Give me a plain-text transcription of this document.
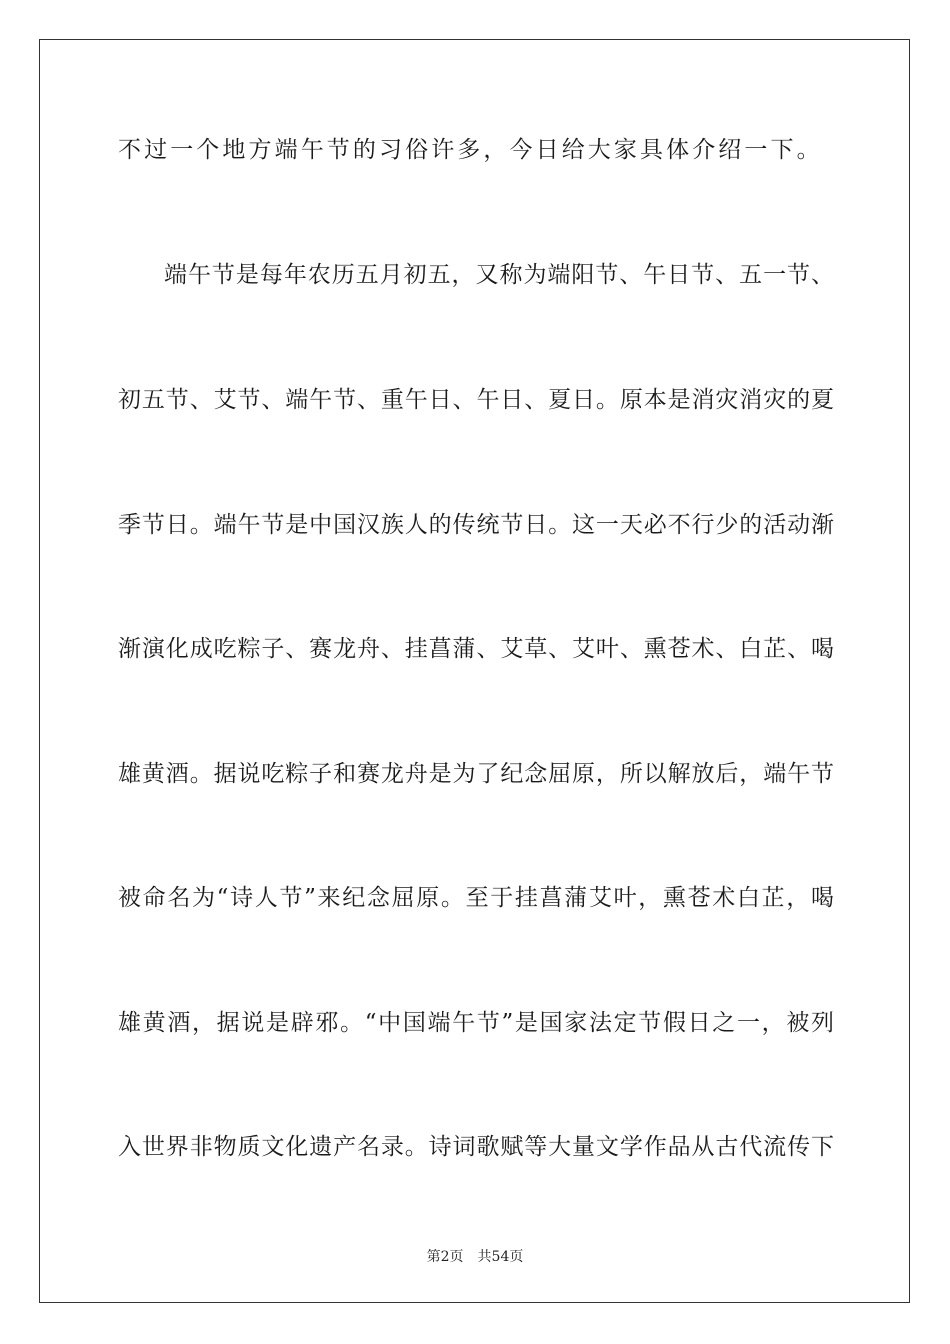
不过一个地方端午节的习俗许多，今日给大家具体介绍一下。
端午节是每年农历五月初五，又称为端阳节、午日节、五一节、
初五节、艾节、端午节、重午日、午日、夏日。原本是消灾消灾的夏
季节日。端午节是中国汉族人的传统节日。这一天必不行少的活动渐
渐演化成吃粽子、赛龙舟、挂菖蒲、艾草、艾叶、熏苍术、白芷、喝
雄黄酒。据说吃粽子和赛龙舟是为了纪念屈原，所以解放后，端午节
被命名为“诗人节”来纪念屈原。至于挂菖蒲艾叶，熏苍术白芷，喝
雄黄酒，据说是辟邪。“中国端午节”是国家法定节假日之一，被列
入世界非物质文化遗产名录。诗词歌赋等大量文学作品从古代流传下
第2页 共54页
